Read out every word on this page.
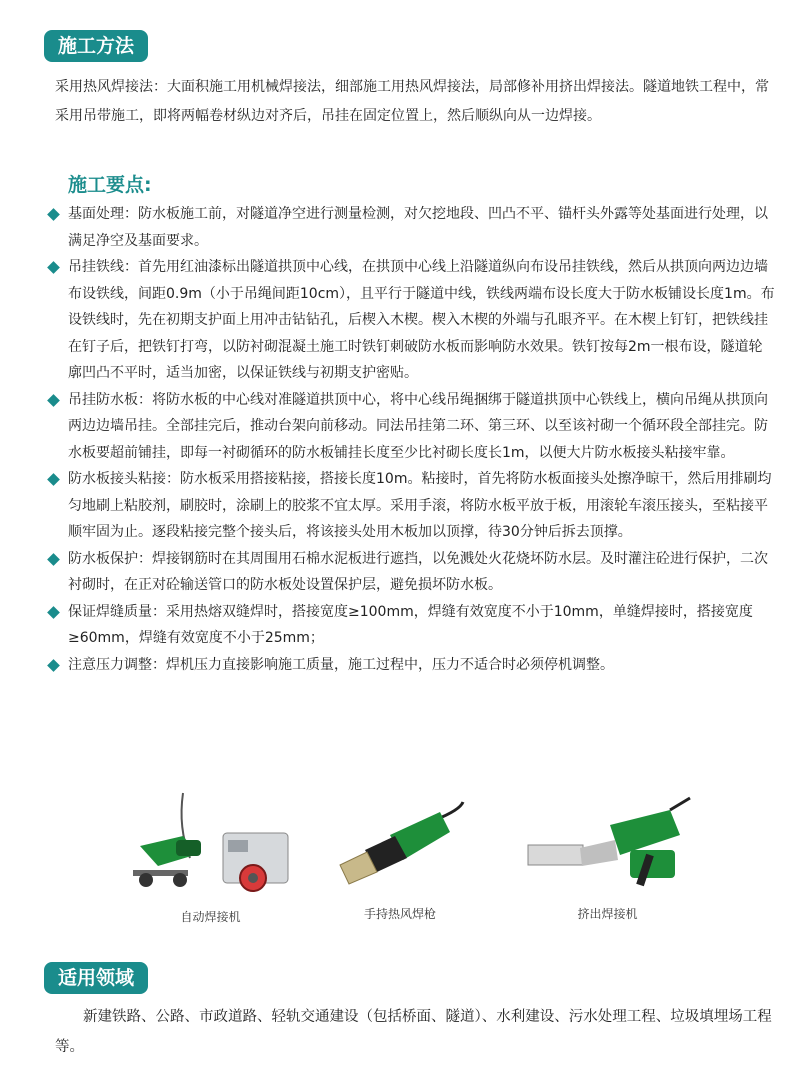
施工方法
采用热风焊接法：大面积施工用机械焊接法，细部施工用热风焊接法，局部修补用挤出焊接法。隧道地铁工程中，常采用吊带施工，即将两幅卷材纵边对齐后，吊挂在固定位置上，然后顺纵向从一边焊接。
施工要点:
基面处理：防水板施工前，对隧道净空进行测量检测，对欠挖地段、凹凸不平、锚杆头外露等处基面进行处理，以满足净空及基面要求。
吊挂铁线：首先用红油漆标出隧道拱顶中心线，在拱顶中心线上沿隧道纵向布设吊挂铁线，然后从拱顶向两边边墙布设铁线，间距0.9m（小于吊绳间距10cm），且平行于隧道中线，铁线两端布设长度大于防水板铺设长度1m。布设铁线时，先在初期支护面上用冲击钻钻孔，后楔入木楔。楔入木楔的外端与孔眼齐平。在木楔上钉钉，把铁线挂在钉子后，把铁钉打弯，以防衬砌混凝土施工时铁钉刺破防水板而影响防水效果。铁钉按每2m一根布设，隧道轮廓凹凸不平时，适当加密，以保证铁线与初期支护密贴。
吊挂防水板：将防水板的中心线对准隧道拱顶中心，将中心线吊绳捆绑于隧道拱顶中心铁线上，横向吊绳从拱顶向两边边墙吊挂。全部挂完后，推动台架向前移动。同法吊挂第二环、第三环、以至该衬砌一个循环段全部挂完。防水板要超前铺挂，即每一衬砌循环的防水板铺挂长度至少比衬砌长度长1m，以便大片防水板接头粘接牢靠。
防水板接头粘接：防水板采用搭接粘接，搭接长度10m。粘接时，首先将防水板面接头处擦净晾干，然后用排刷均匀地刷上粘胶剂，刷胶时，涂刷上的胶浆不宜太厚。采用手滚，将防水板平放于板，用滚轮车滚压接头，至粘接平顺牢固为止。逐段粘接完整个接头后，将该接头处用木板加以顶撑，待30分钟后拆去顶撑。
防水板保护：焊接钢筋时在其周围用石棉水泥板进行遮挡，以免溅处火花烧坏防水层。及时灌注砼进行保护，二次衬砌时，在正对砼输送管口的防水板处设置保护层，避免损坏防水板。
保证焊缝质量：采用热熔双缝焊时，搭接宽度≥100mm，焊缝有效宽度不小于10mm，单缝焊接时，搭接宽度≥60mm，焊缝有效宽度不小于25mm；
注意压力调整：焊机压力直接影响施工质量，施工过程中，压力不适合时必须停机调整。
自动焊接机	手持热风焊枪	挤出焊接机
适用领域
新建铁路、公路、市政道路、轻轨交通建设（包括桥面、隧道）、水利建设、污水处理工程、垃圾填埋场工程等。
